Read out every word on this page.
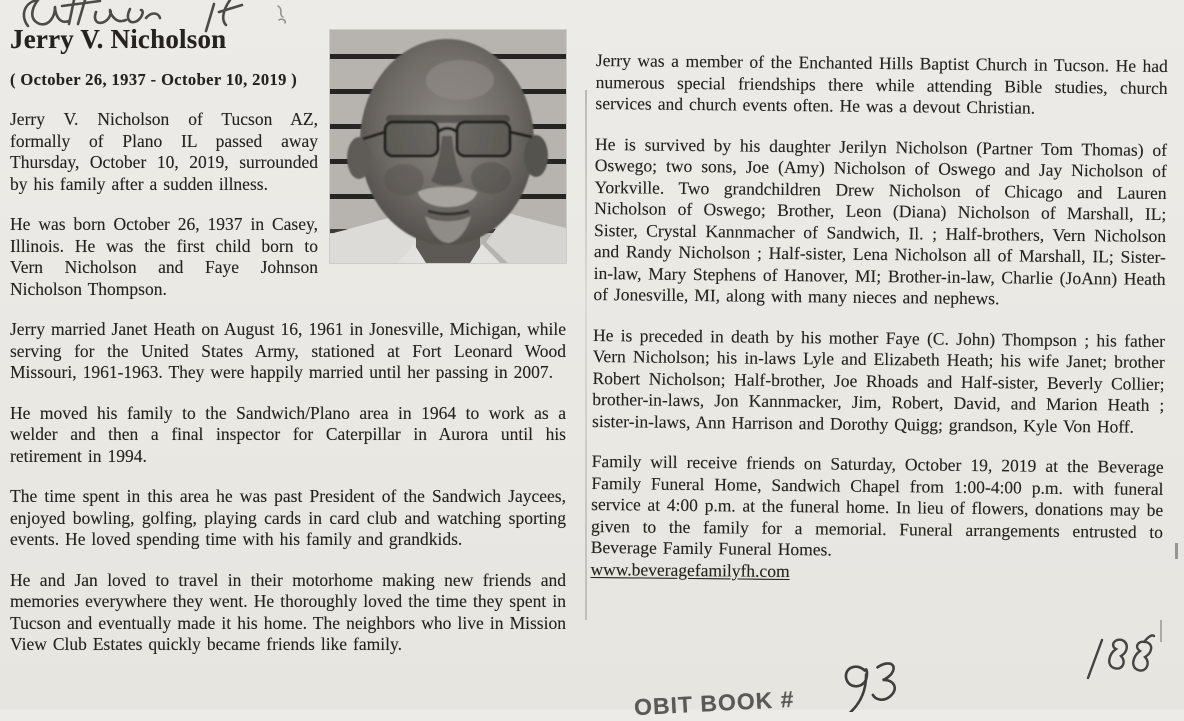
Jerry V. Nicholson
( October 26, 1937 - October 10, 2019 )

Jerry V. Nicholson of Tucson AZ, formally of Plano IL passed away Thursday, October 10, 2019, surrounded by his family after a sudden illness.

He was born October 26, 1937 in Casey, Illinois. He was the first child born to Vern Nicholson and Faye Johnson Nicholson Thompson.

Jerry married Janet Heath on August 16, 1961 in Jonesville, Michigan, while serving for the United States Army, stationed at Fort Leonard Wood Missouri, 1961-1963. They were happily married until her passing in 2007.

He moved his family to the Sandwich/Plano area in 1964 to work as a welder and then a final inspector for Caterpillar in Aurora until his retirement in 1994.

The time spent in this area he was past President of the Sandwich Jaycees, enjoyed bowling, golfing, playing cards in card club and watching sporting events. He loved spending time with his family and grandkids.

He and Jan loved to travel in their motorhome making new friends and memories everywhere they went. He thoroughly loved the time they spent in Tucson and eventually made it his home. The neighbors who live in Mission View Club Estates quickly became friends like family.

Jerry was a member of the Enchanted Hills Baptist Church in Tucson. He had numerous special friendships there while attending Bible studies, church services and church events often. He was a devout Christian.

He is survived by his daughter Jerilyn Nicholson (Partner Tom Thomas) of Oswego; two sons, Joe (Amy) Nicholson of Oswego and Jay Nicholson of Yorkville. Two grandchildren Drew Nicholson of Chicago and Lauren Nicholson of Oswego; Brother, Leon (Diana) Nicholson of Marshall, IL; Sister, Crystal Kannmacher of Sandwich, Il. ; Half-brothers, Vern Nicholson and Randy Nicholson ; Half-sister, Lena Nicholson all of Marshall, IL; Sister-in-law, Mary Stephens of Hanover, MI; Brother-in-law, Charlie (JoAnn) Heath of Jonesville, MI, along with many nieces and nephews.

He is preceded in death by his mother Faye (C. John) Thompson ; his father Vern Nicholson; his in-laws Lyle and Elizabeth Heath; his wife Janet; brother Robert Nicholson; Half-brother, Joe Rhoads and Half-sister, Beverly Collier; brother-in-laws, Jon Kannmacker, Jim, Robert, David, and Marion Heath ; sister-in-laws, Ann Harrison and Dorothy Quigg; grandson, Kyle Von Hoff.

Family will receive friends on Saturday, October 19, 2019 at the Beverage Family Funeral Home, Sandwich Chapel from 1:00-4:00 p.m. with funeral service at 4:00 p.m. at the funeral home. In lieu of flowers, donations may be given to the family for a memorial. Funeral arrangements entrusted to Beverage Family Funeral Homes.

www.beveragefamilyfh.com
OBIT BOOK #
